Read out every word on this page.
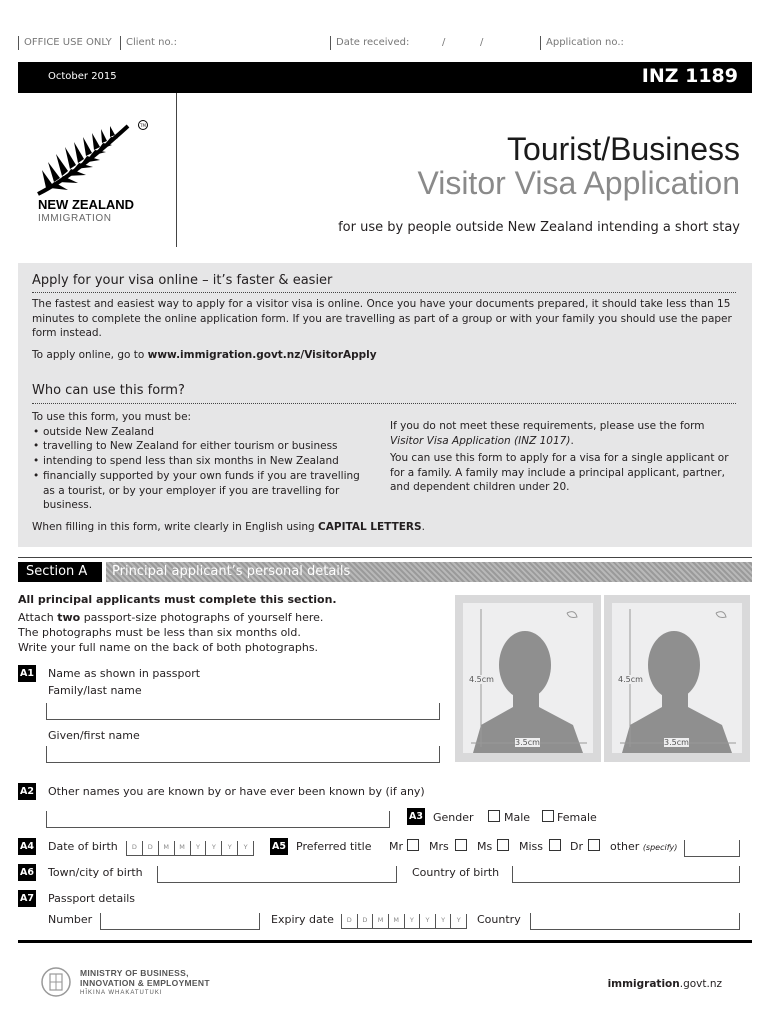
OFFICE USE ONLY Client no.:	Date received:	/	/	Application no.:
October 2015	INZ 1189
TM
NEW ZEALAND
IMMIGRATION
Tourist/Business
Visitor Visa Application
for use by people outside New Zealand intending a short stay
Apply for your visa online – it’s faster & easier

The fastest and easiest way to apply for a visitor visa is online. Once you have your documents prepared, it should take less than 15 minutes to complete the online application form. If you are travelling as part of a group or with your family you should use the paper form instead.

To apply online, go to www.immigration.govt.nz/VisitorApply

Who can use this form?

To use this form, you must be:

• outside New Zealand
• travelling to New Zealand for either tourism or business
• intending to spend less than six months in New Zealand
• financially supported by your own funds if you are travelling as a tourist, or by your employer if you are travelling for business.

If you do not meet these requirements, please use the form Visitor Visa Application (INZ 1017).

You can use this form to apply for a visa for a single applicant or for a family. A family may include a principal applicant, partner, and dependent children under 20.

When filling in this form, write clearly in English using CAPITAL LETTERS.

Section A	Principal applicant’s personal details
All principal applicants must complete this section.
Attach two passport-size photographs of yourself here.
The photographs must be less than six months old.
Write your full name on the back of both photographs.
4.5cm
3.5cm
4.5cm
3.5cm
A1 Name as shown in passport
Family/last name
Given/first name
A2 Other names you are known by or have ever been known by (if any)
A3 Gender	Male Female
A4 Date of birth	D	D	M	M	Y	Y	Y	Y	A5 Preferred title Mr Mrs	Ms Miss Dr other (specify)
A6 Town/city of birth	Country of birth
A7 Passport details
Number	Expiry date	D	D	M	M	Y	Y	Y	Y	Country
MINISTRY OF BUSINESS,
INNOVATION & EMPLOYMENT
HĪKINA WHAKATUTUKI
immigration.govt.nz
